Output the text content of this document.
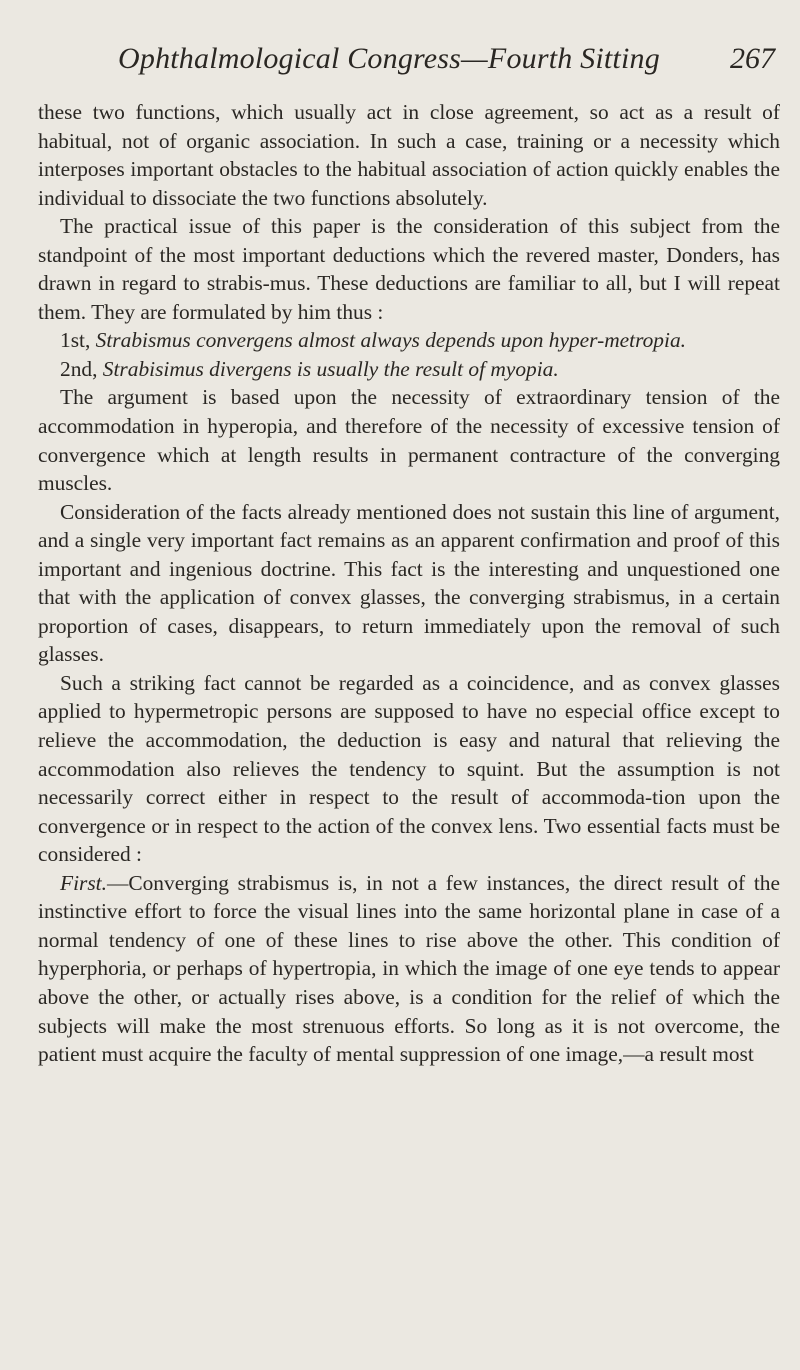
Ophthalmological Congress—Fourth Sitting 267

these two functions, which usually act in close agreement, so act as a result of habitual, not of organic association. In such a case, training or a necessity which interposes important obstacles to the habitual association of action quickly enables the individual to dissociate the two functions absolutely.

The practical issue of this paper is the consideration of this subject from the standpoint of the most important deductions which the revered master, Donders, has drawn in regard to strabis-mus. These deductions are familiar to all, but I will repeat them. They are formulated by him thus :

1st, Strabismus convergens almost always depends upon hyper-metropia.

2nd, Strabisimus divergens is usually the result of myopia.

The argument is based upon the necessity of extraordinary tension of the accommodation in hyperopia, and therefore of the necessity of excessive tension of convergence which at length results in permanent contracture of the converging muscles.

Consideration of the facts already mentioned does not sustain this line of argument, and a single very important fact remains as an apparent confirmation and proof of this important and ingenious doctrine. This fact is the interesting and unquestioned one that with the application of convex glasses, the converging strabismus, in a certain proportion of cases, disappears, to return immediately upon the removal of such glasses.

Such a striking fact cannot be regarded as a coincidence, and as convex glasses applied to hypermetropic persons are supposed to have no especial office except to relieve the accommodation, the deduction is easy and natural that relieving the accommodation also relieves the tendency to squint. But the assumption is not necessarily correct either in respect to the result of accommoda-tion upon the convergence or in respect to the action of the convex lens. Two essential facts must be considered :

First.—Converging strabismus is, in not a few instances, the direct result of the instinctive effort to force the visual lines into the same horizontal plane in case of a normal tendency of one of these lines to rise above the other. This condition of hyperphoria, or perhaps of hypertropia, in which the image of one eye tends to appear above the other, or actually rises above, is a condition for the relief of which the subjects will make the most strenuous efforts. So long as it is not overcome, the patient must acquire the faculty of mental suppression of one image,—a result most
